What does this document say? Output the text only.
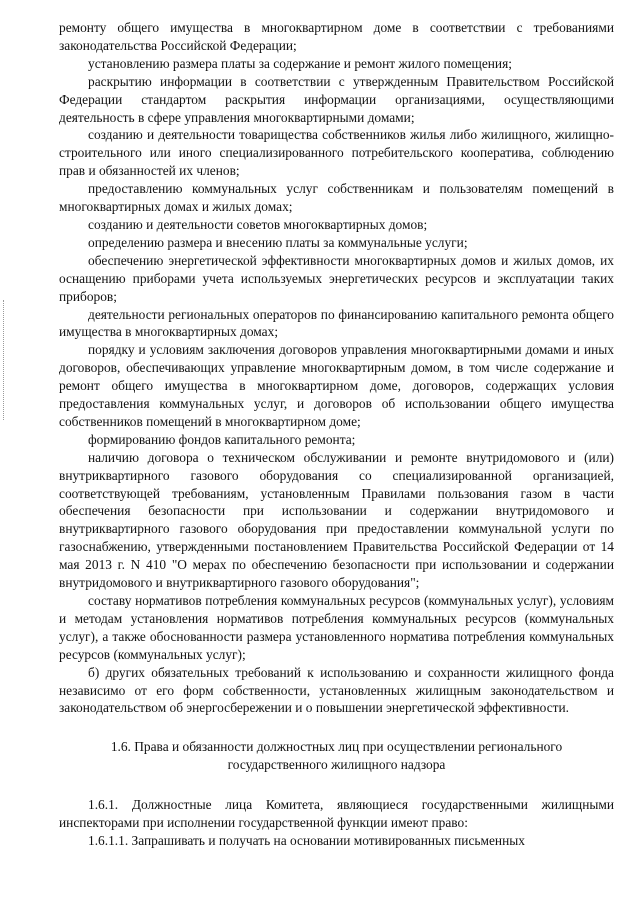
ремонту общего имущества в многоквартирном доме в соответствии с требованиями законодательства Российской Федерации;

установлению размера платы за содержание и ремонт жилого помещения;

раскрытию информации в соответствии с утвержденным Правительством Российской Федерации стандартом раскрытия информации организациями, осуществляющими деятельность в сфере управления многоквартирными домами;

созданию и деятельности товарищества собственников жилья либо жилищного, жилищно-строительного или иного специализированного потребительского кооператива, соблюдению прав и обязанностей их членов;

предоставлению коммунальных услуг собственникам и пользователям помещений в многоквартирных домах и жилых домах;

созданию и деятельности советов многоквартирных домов;

определению размера и внесению платы за коммунальные услуги;

обеспечению энергетической эффективности многоквартирных домов и жилых домов, их оснащению приборами учета используемых энергетических ресурсов и эксплуатации таких приборов;

деятельности региональных операторов по финансированию капитального ремонта общего имущества в многоквартирных домах;

порядку и условиям заключения договоров управления многоквартирными домами и иных договоров, обеспечивающих управление многоквартирным домом, в том числе содержание и ремонт общего имущества в многоквартирном доме, договоров, содержащих условия предоставления коммунальных услуг, и договоров об использовании общего имущества собственников помещений в многоквартирном доме;

формированию фондов капитального ремонта;

наличию договора о техническом обслуживании и ремонте внутридомового и (или) внутриквартирного газового оборудования со специализированной организацией, соответствующей требованиям, установленным Правилами пользования газом в части обеспечения безопасности при использовании и содержании внутридомового и внутриквартирного газового оборудования при предоставлении коммунальной услуги по газоснабжению, утвержденными постановлением Правительства Российской Федерации от 14 мая 2013 г. N 410 "О мерах по обеспечению безопасности при использовании и содержании внутридомового и внутриквартирного газового оборудования";

составу нормативов потребления коммунальных ресурсов (коммунальных услуг), условиям и методам установления нормативов потребления коммунальных ресурсов (коммунальных услуг), а также обоснованности размера установленного норматива потребления коммунальных ресурсов (коммунальных услуг);

б) других обязательных требований к использованию и сохранности жилищного фонда независимо от его форм собственности, установленных жилищным законодательством и законодательством об энергосбережении и о повышении энергетической эффективности.

1.6. Права и обязанности должностных лиц при осуществлении регионального
государственного жилищного надзора

1.6.1. Должностные лица Комитета, являющиеся государственными жилищными инспекторами при исполнении государственной функции имеют право:

1.6.1.1. Запрашивать и получать на основании мотивированных письменных
